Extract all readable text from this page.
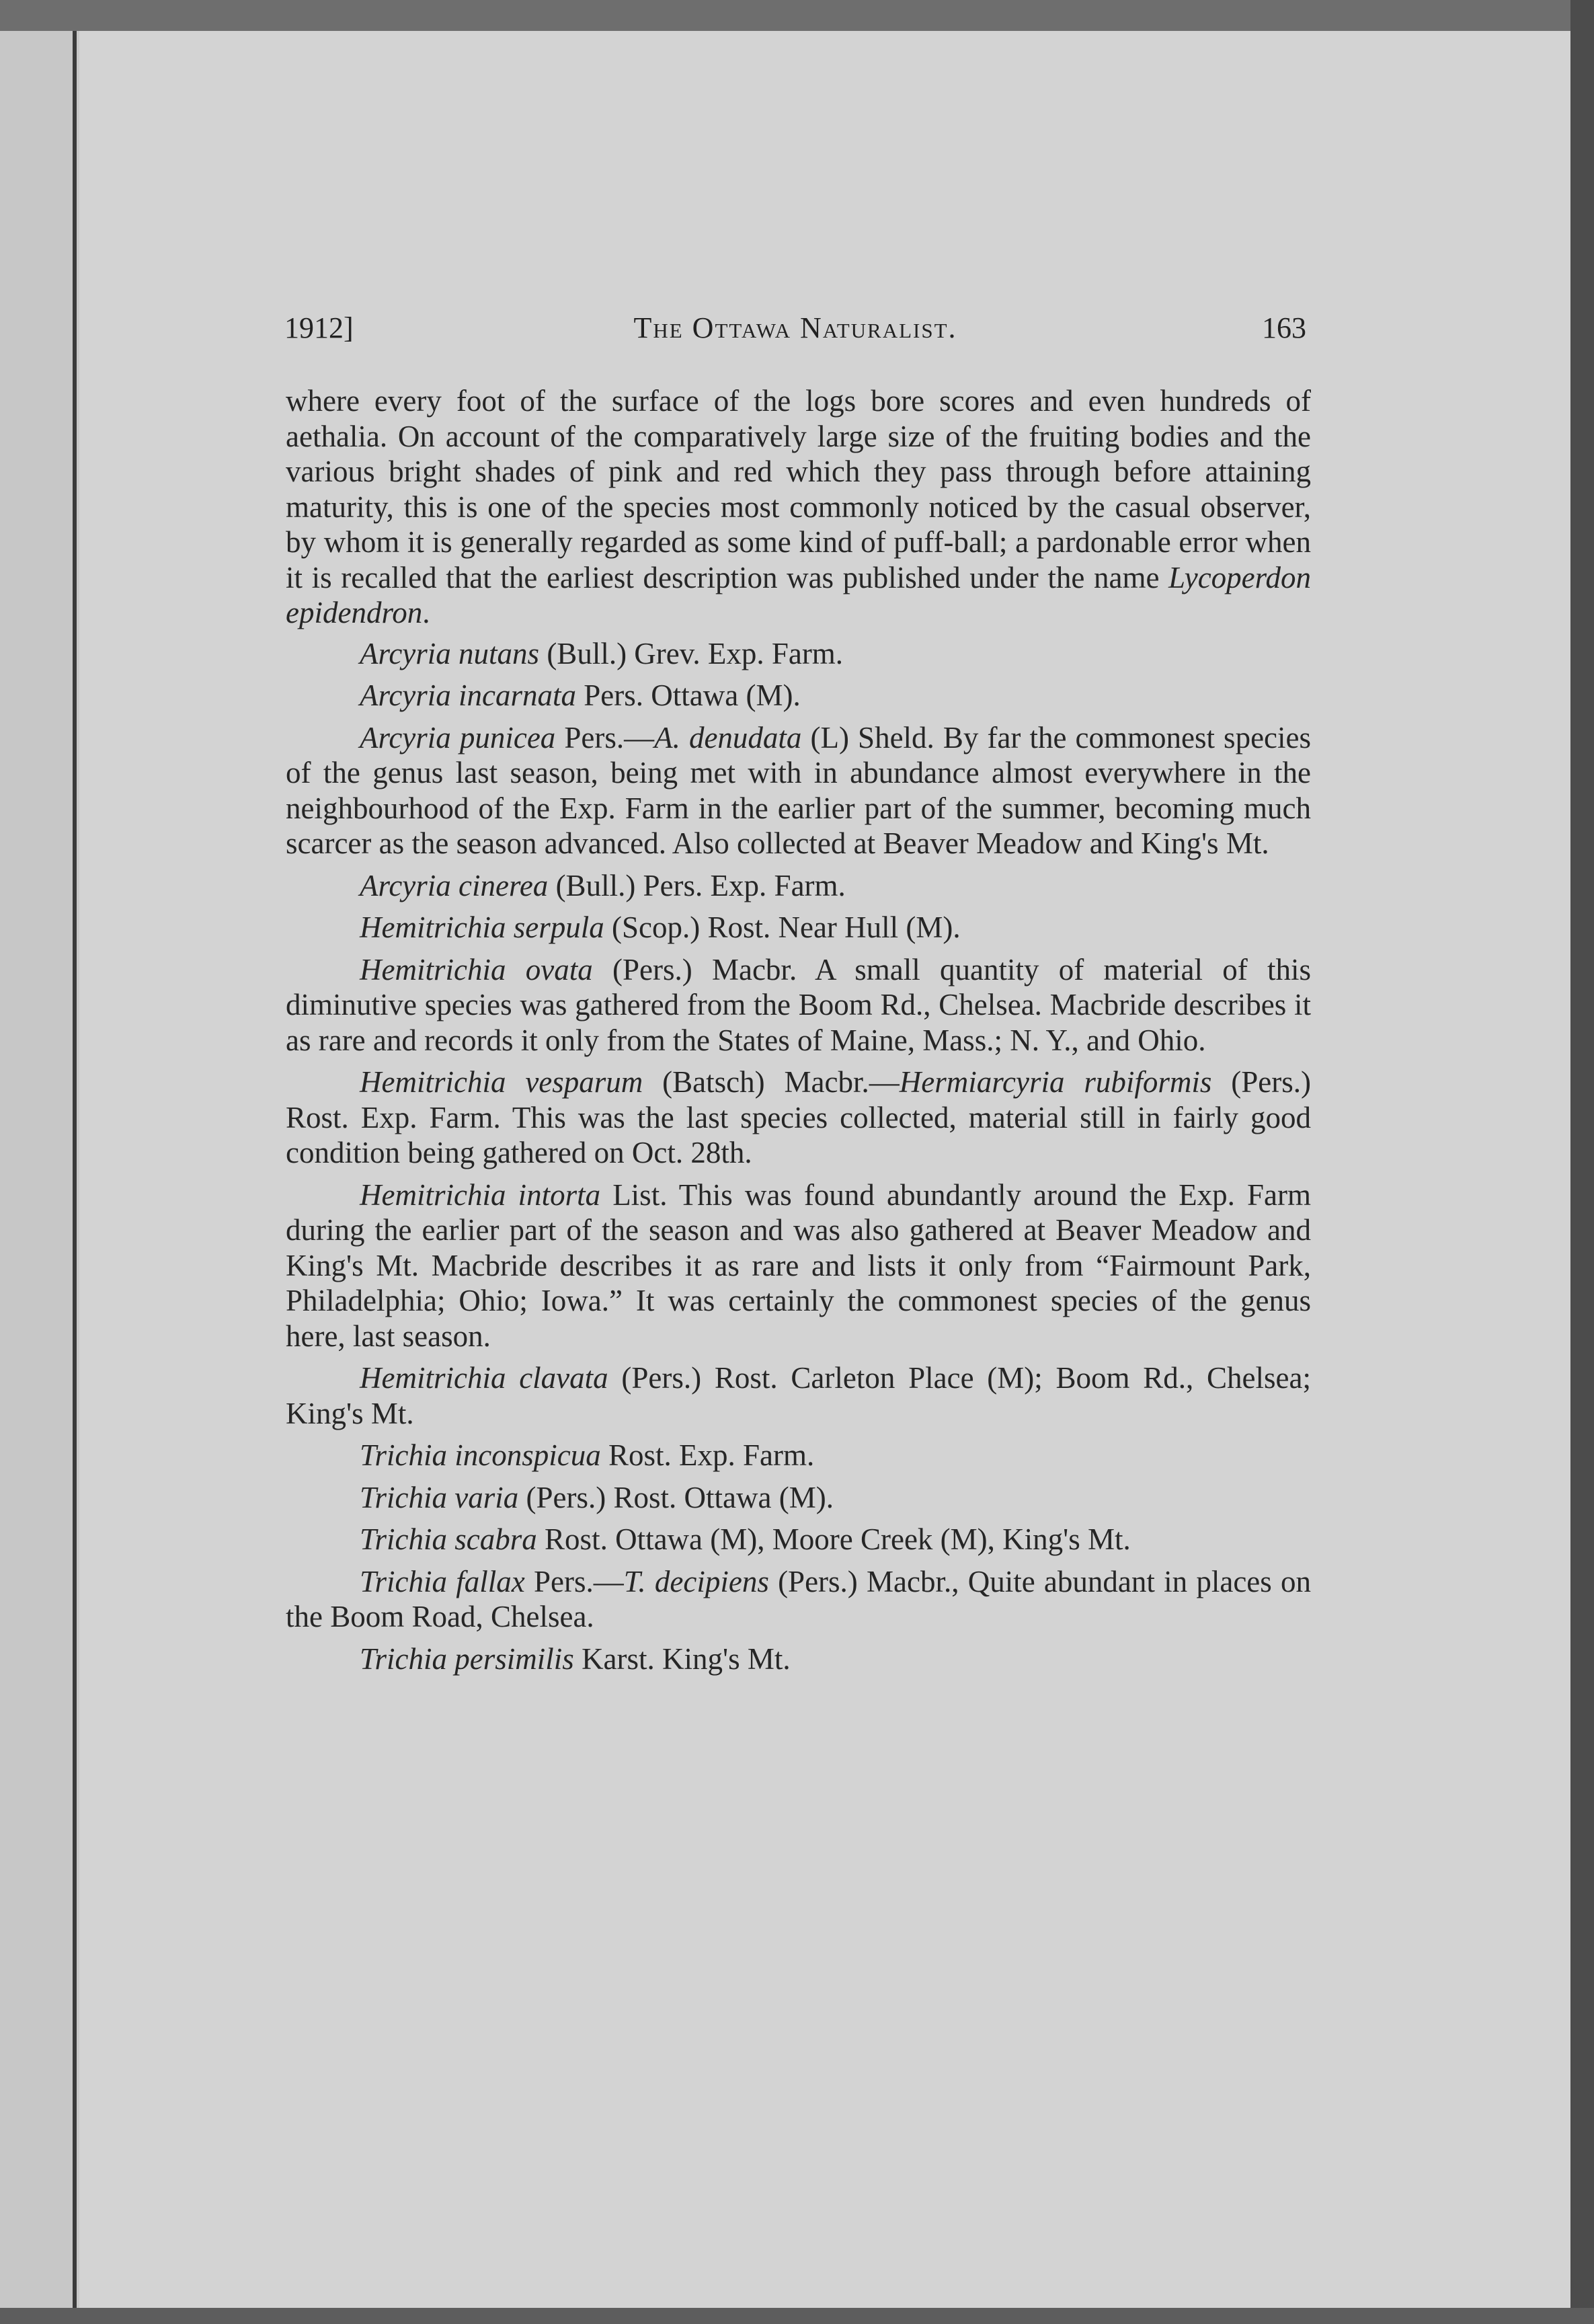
1912]	The Ottawa Naturalist.	163

where every foot of the surface of the logs bore scores and even hundreds of aethalia. On account of the comparatively large size of the fruiting bodies and the various bright shades of pink and red which they pass through before attaining maturity, this is one of the species most commonly noticed by the casual observer, by whom it is generally regarded as some kind of puff-ball; a pardonable error when it is recalled that the earliest description was published under the name Lycoperdon epidendron.

Arcyria nutans (Bull.) Grev. Exp. Farm.

Arcyria incarnata Pers. Ottawa (M).

Arcyria punicea Pers.—A. denudata (L) Sheld. By far the commonest species of the genus last season, being met with in abundance almost everywhere in the neighbourhood of the Exp. Farm in the earlier part of the summer, becoming much scarcer as the season advanced. Also collected at Beaver Meadow and King's Mt.

Arcyria cinerea (Bull.) Pers. Exp. Farm.

Hemitrichia serpula (Scop.) Rost. Near Hull (M).

Hemitrichia ovata (Pers.) Macbr. A small quantity of material of this diminutive species was gathered from the Boom Rd., Chelsea. Macbride describes it as rare and records it only from the States of Maine, Mass.; N. Y., and Ohio.

Hemitrichia vesparum (Batsch) Macbr.—Hermiarcyria rubiformis (Pers.) Rost. Exp. Farm. This was the last species collected, material still in fairly good condition being gathered on Oct. 28th.

Hemitrichia intorta List. This was found abundantly around the Exp. Farm during the earlier part of the season and was also gathered at Beaver Meadow and King's Mt. Macbride describes it as rare and lists it only from “Fairmount Park, Philadelphia; Ohio; Iowa.” It was certainly the commonest species of the genus here, last season.

Hemitrichia clavata (Pers.) Rost. Carleton Place (M); Boom Rd., Chelsea; King's Mt.

Trichia inconspicua Rost. Exp. Farm.

Trichia varia (Pers.) Rost. Ottawa (M).

Trichia scabra Rost. Ottawa (M), Moore Creek (M), King's Mt.

Trichia fallax Pers.—T. decipiens (Pers.) Macbr., Quite abundant in places on the Boom Road, Chelsea.

Trichia persimilis Karst. King's Mt.
